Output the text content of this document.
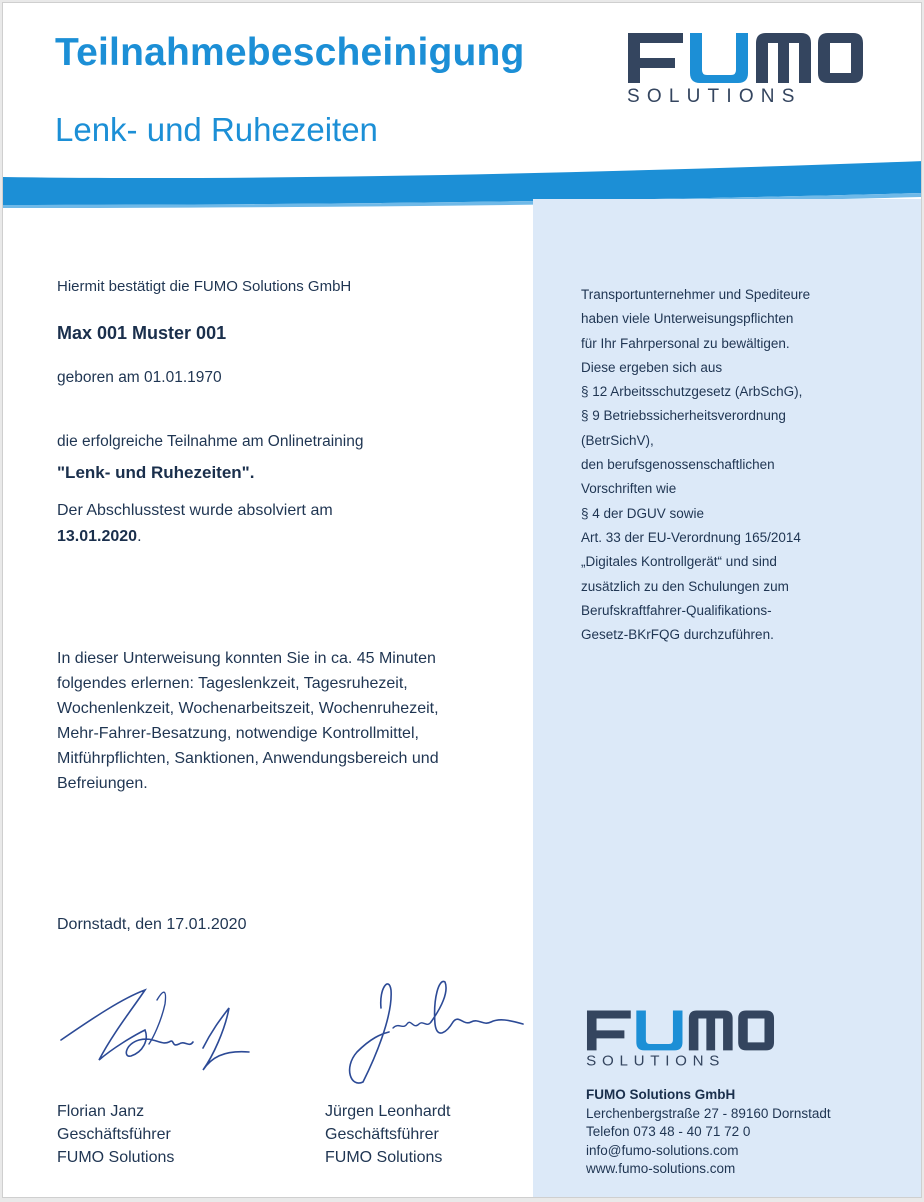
Teilnahmebescheinigung
Lenk- und Ruhezeiten
SOLUTIONS
Hiermit bestätigt die FUMO Solutions GmbH
Max 001 Muster 001
geboren am 01.01.1970
die erfolgreiche Teilnahme am Onlinetraining
"Lenk- und Ruhezeiten".
Der Abschlusstest wurde absolviert am
13.01.2020.
In dieser Unterweisung konnten Sie in ca. 45 Minuten
folgendes erlernen: Tageslenkzeit, Tagesruhezeit,
Wochenlenkzeit, Wochenarbeitszeit, Wochenruhezeit,
Mehr-Fahrer-Besatzung, notwendige Kontrollmittel,
Mitführpflichten, Sanktionen, Anwendungsbereich und
Befreiungen.
Dornstadt, den 17.01.2020
Transportunternehmer und Spediteure
haben viele Unterweisungspflichten
für Ihr Fahrpersonal zu bewältigen.
Diese ergeben sich aus
§ 12 Arbeitsschutzgesetz (ArbSchG),
§ 9 Betriebssicherheitsverordnung
(BetrSichV),
den berufsgenossenschaftlichen
Vorschriften wie
§ 4 der DGUV sowie
Art. 33 der EU-Verordnung 165/2014
„Digitales Kontrollgerät“ und sind
zusätzlich zu den Schulungen zum
Berufskraftfahrer-Qualifikations-
Gesetz-BKrFQG durchzuführen.
Florian Janz
Geschäftsführer
FUMO Solutions
Jürgen Leonhardt
Geschäftsführer
FUMO Solutions
SOLUTIONS
FUMO Solutions GmbH
Lerchenbergstraße 27 - 89160 Dornstadt
Telefon 073 48 - 40 71 72 0
info@fumo-solutions.com
www.fumo-solutions.com
